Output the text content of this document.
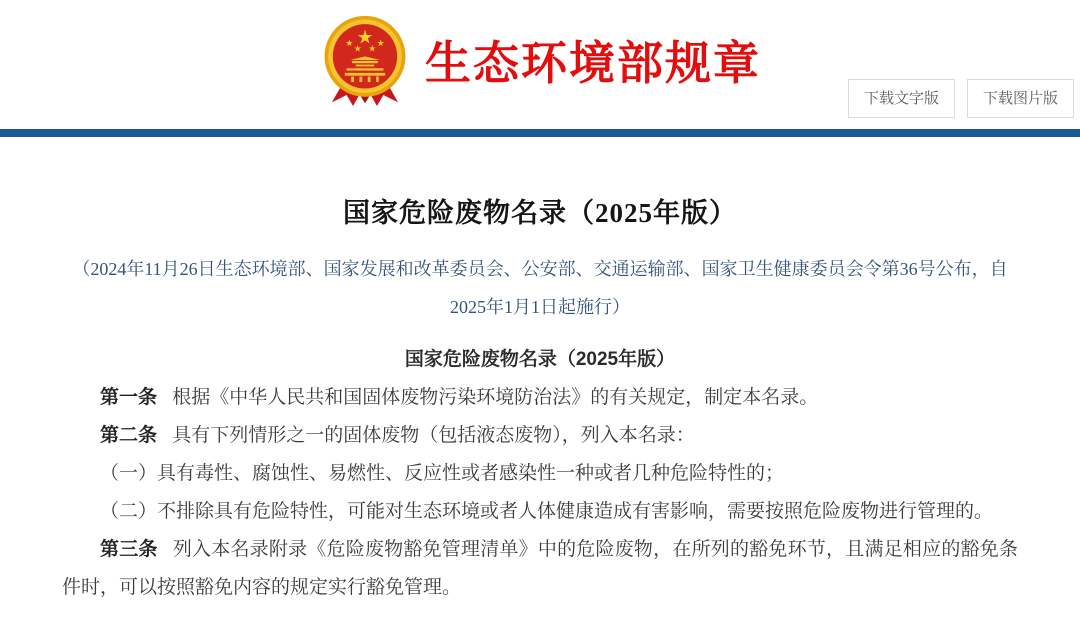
★
★
★ ★
★ 生态环境部规章
下载文字版	下载图片版
国家危险废物名录（2025年版）

（2024年11月26日生态环境部、国家发展和改革委员会、公安部、交通运输部、国家卫生健康委员会令第36号公布，自2025年1月1日起施行）

国家危险废物名录（2025年版）

第一条 根据《中华人民共和国固体废物污染环境防治法》的有关规定，制定本名录。

第二条 具有下列情形之一的固体废物（包括液态废物），列入本名录：

（一）具有毒性、腐蚀性、易燃性、反应性或者感染性一种或者几种危险特性的；

（二）不排除具有危险特性，可能对生态环境或者人体健康造成有害影响，需要按照危险废物进行管理的。

第三条 列入本名录附录《危险废物豁免管理清单》中的危险废物，在所列的豁免环节，且满足相应的豁免条件时，可以按照豁免内容的规定实行豁免管理。
